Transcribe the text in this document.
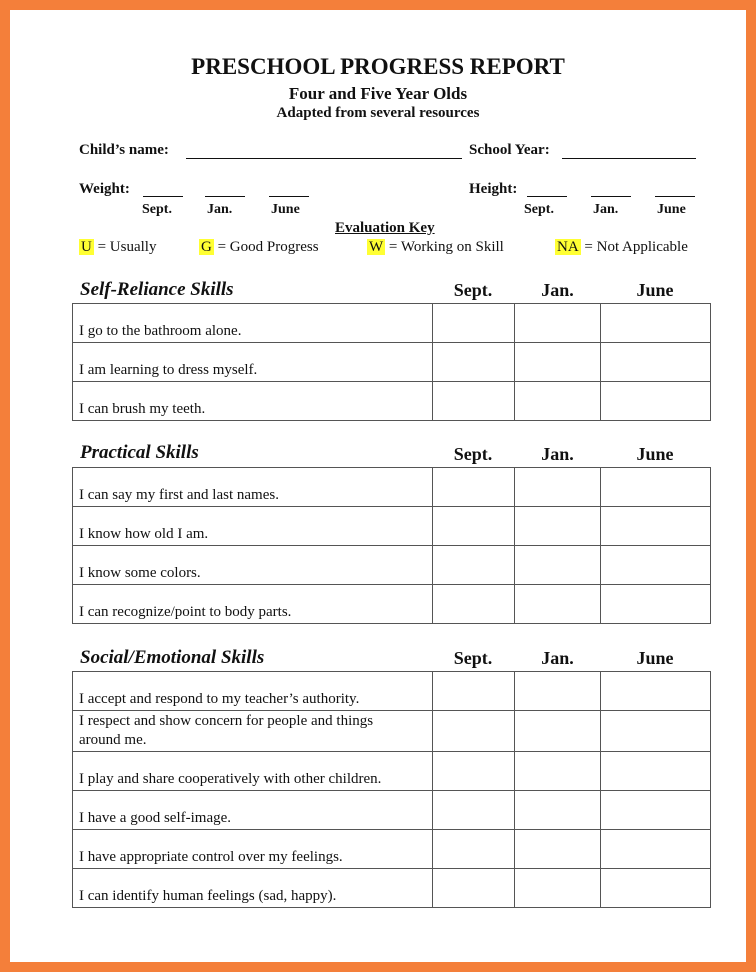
PRESCHOOL PROGRESS REPORT
Four and Five Year Olds
Adapted from several resources
Child’s name:	School Year:
Weight:
Sept.	Jan.	June
Height:
Sept.	Jan.	June
Evaluation Key
U = Usually	G = Good Progress	W = Working on Skill	NA = Not Applicable
Self-Reliance Skills	Sept.	Jan.	June
I go to the bathroom alone.			
I am learning to dress myself.			
I can brush my teeth.			
Practical Skills	Sept.	Jan.	June
I can say my first and last names.			
I know how old I am.			
I know some colors.			
I can recognize/point to body parts.			
Social/Emotional Skills	Sept.	Jan.	June
I accept and respond to my teacher’s authority.			
I respect and show concern for people and things around me.			
I play and share cooperatively with other children.			
I have a good self-image.			
I have appropriate control over my feelings.			
I can identify human feelings (sad, happy).			
